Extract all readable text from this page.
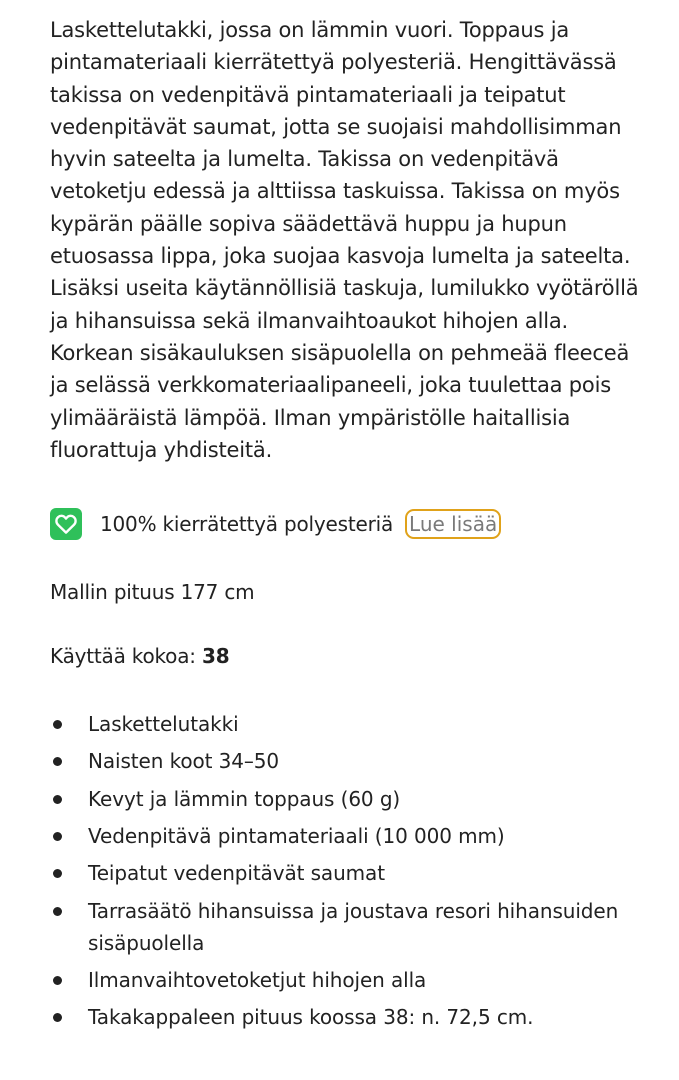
Laskettelutakki, jossa on lämmin vuori. Toppaus ja pintamateriaali kierrätettyä polyesteriä. Hengittävässä takissa on vedenpitävä pintamateriaali ja teipatut vedenpitävät saumat, jotta se suojaisi mahdollisimman hyvin sateelta ja lumelta. Takissa on vedenpitävä vetoketju edessä ja alttiissa taskuissa. Takissa on myös kypärän päälle sopiva säädettävä huppu ja hupun etuosassa lippa, joka suojaa kasvoja lumelta ja sateelta. Lisäksi useita käytännöllisiä taskuja, lumilukko vyötäröllä ja hihansuissa sekä ilmanvaihtoaukot hihojen alla. Korkean sisäkauluksen sisäpuolella on pehmeää fleeceä ja selässä verkkomateriaalipaneeli, joka tuulettaa pois ylimääräistä lämpöä. Ilman ympäristölle haitallisia fluorattuja yhdisteitä.

100% kierrätettyä polyesteriä Lue lisää

Mallin pituus 177 cm

Käyttää kokoa: 38

Laskettelutakki
Naisten koot 34–50
Kevyt ja lämmin toppaus (60 g)
Vedenpitävä pintamateriaali (10 000 mm)
Teipatut vedenpitävät saumat
Tarrasäätö hihansuissa ja joustava resori hihansuiden sisäpuolella
Ilmanvaihtovetoketjut hihojen alla
Takakappaleen pituus koossa 38: n. 72,5 cm.
